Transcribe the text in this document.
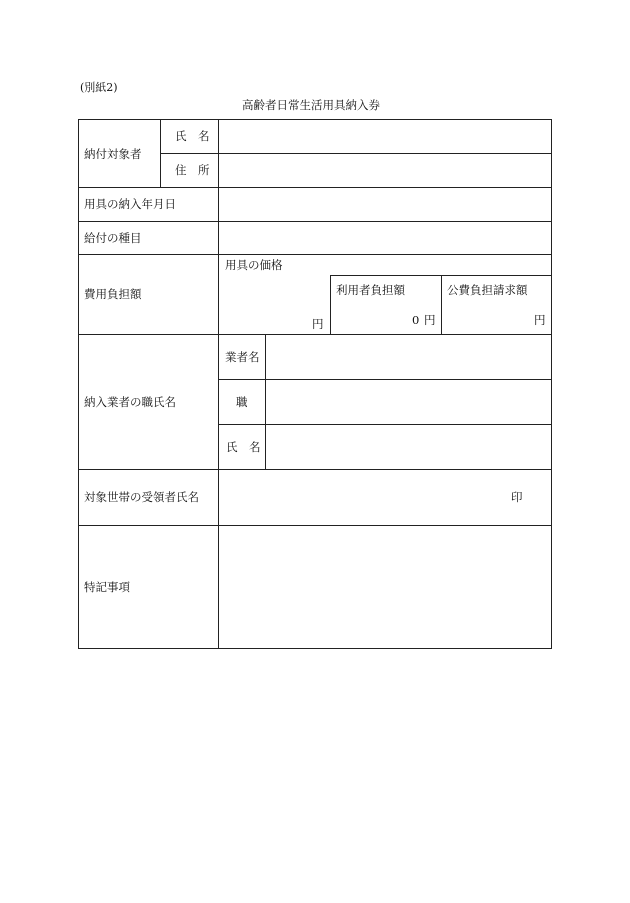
(別紙2)
高齢者日常生活用具納入券
納付対象者
氏　名
住　所
用具の納入年月日
給付の種目
費用負担額
用具の価格
円
利用者負担額
0 円
公費負担請求額
円
納入業者の職氏名
業者名
職
氏　名
対象世帯の受領者氏名	印
特記事項
